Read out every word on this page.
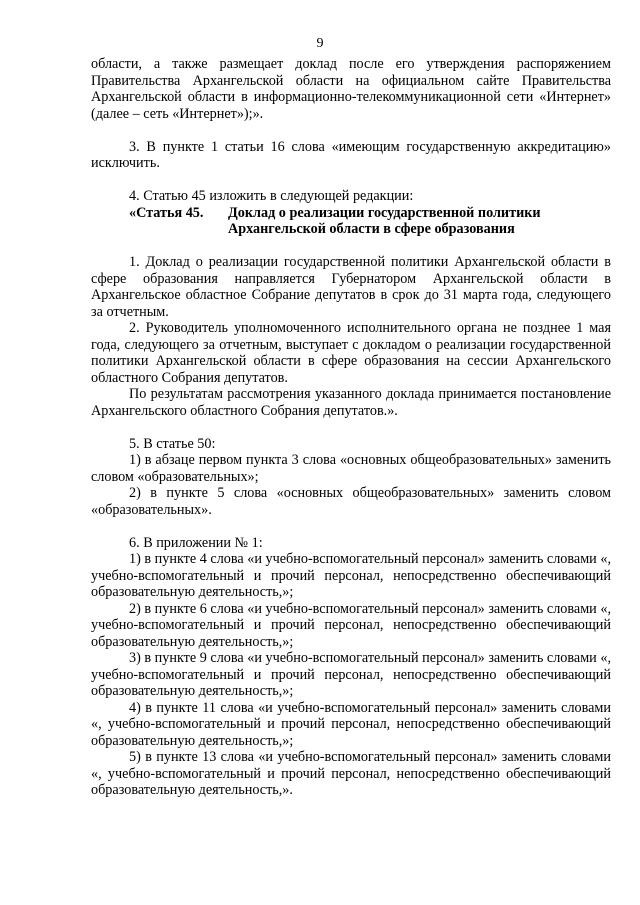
9

области, а также размещает доклад после его утверждения распоряжением Правительства Архангельской области на официальном сайте Правительства Архангельской области в информационно-телекоммуникационной сети «Интернет» (далее – сеть «Интернет»);».

3. В пункте 1 статьи 16 слова «имеющим государственную аккредитацию» исключить.

4. Статью 45 изложить в следующей редакции:

«Статья 45.	Доклад о реализации государственной политики Архангельской области в сфере образования

1. Доклад о реализации государственной политики Архангельской области в сфере образования направляется Губернатором Архангельской области в Архангельское областное Собрание депутатов в срок до 31 марта года, следующего за отчетным.

2. Руководитель уполномоченного исполнительного органа не позднее 1 мая года, следующего за отчетным, выступает с докладом о реализации государственной политики Архангельской области в сфере образования на сессии Архангельского областного Собрания депутатов.

По результатам рассмотрения указанного доклада принимается постановление Архангельского областного Собрания депутатов.».

5. В статье 50:

1) в абзаце первом пункта 3 слова «основных общеобразовательных» заменить словом «образовательных»;

2) в пункте 5 слова «основных общеобразовательных» заменить словом «образовательных».

6. В приложении № 1:

1) в пункте 4 слова «и учебно-вспомогательный персонал» заменить словами «, учебно-вспомогательный и прочий персонал, непосредственно обеспечивающий образовательную деятельность,»;

2) в пункте 6 слова «и учебно-вспомогательный персонал» заменить словами «, учебно-вспомогательный и прочий персонал, непосредственно обеспечивающий образовательную деятельность,»;

3) в пункте 9 слова «и учебно-вспомогательный персонал» заменить словами «, учебно-вспомогательный и прочий персонал, непосредственно обеспечивающий образовательную деятельность,»;

4) в пункте 11 слова «и учебно-вспомогательный персонал» заменить словами «, учебно-вспомогательный и прочий персонал, непосредственно обеспечивающий образовательную деятельность,»;

5) в пункте 13 слова «и учебно-вспомогательный персонал» заменить словами «, учебно-вспомогательный и прочий персонал, непосредственно обеспечивающий образовательную деятельность,».
